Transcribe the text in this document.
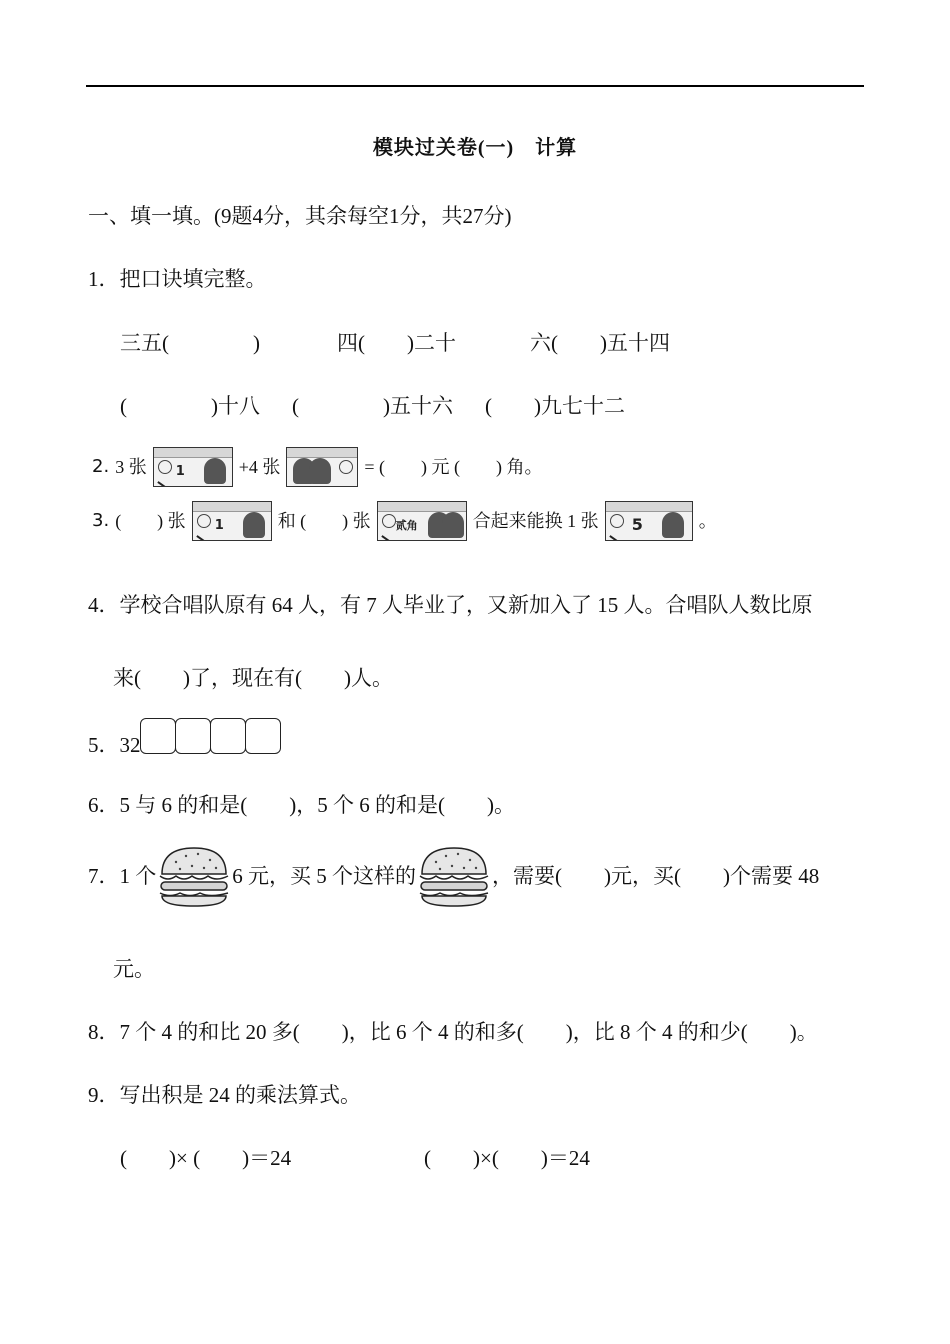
模块过关卷(一)　计算
一、填一填。(9题4分，其余每空1分，共27分)
1．把口诀填完整。
三五(　　　　)	四(　　)二十	六(　　)五十四
(　　　　)十八 (　　　　)五十六 (　　)九七十二
2. 3 张 1	+4 张	= (　　) 元 (　　) 角。
3. (　　) 张 1	和 (　　) 张 贰角	合起来能换 1 张 5	。
4．学校合唱队原有 64 人，有 7 人毕业了，又新加入了 15 人。合唱队人数比原
来(　　)了，现在有(　　)人。
5．32
6．5 与 6 的和是(　　)，5 个 6 的和是(　　)。
7．1 个	6 元，买 5 个这样的	，需要(　　)元，买(　　)个需要 48
元。
8．7 个 4 的和比 20 多(　　)，比 6 个 4 的和多(　　)，比 8 个 4 的和少(　　)。
9．写出积是 24 的乘法算式。
(　　)× (　　)＝24	(　　)×(　　)＝24
